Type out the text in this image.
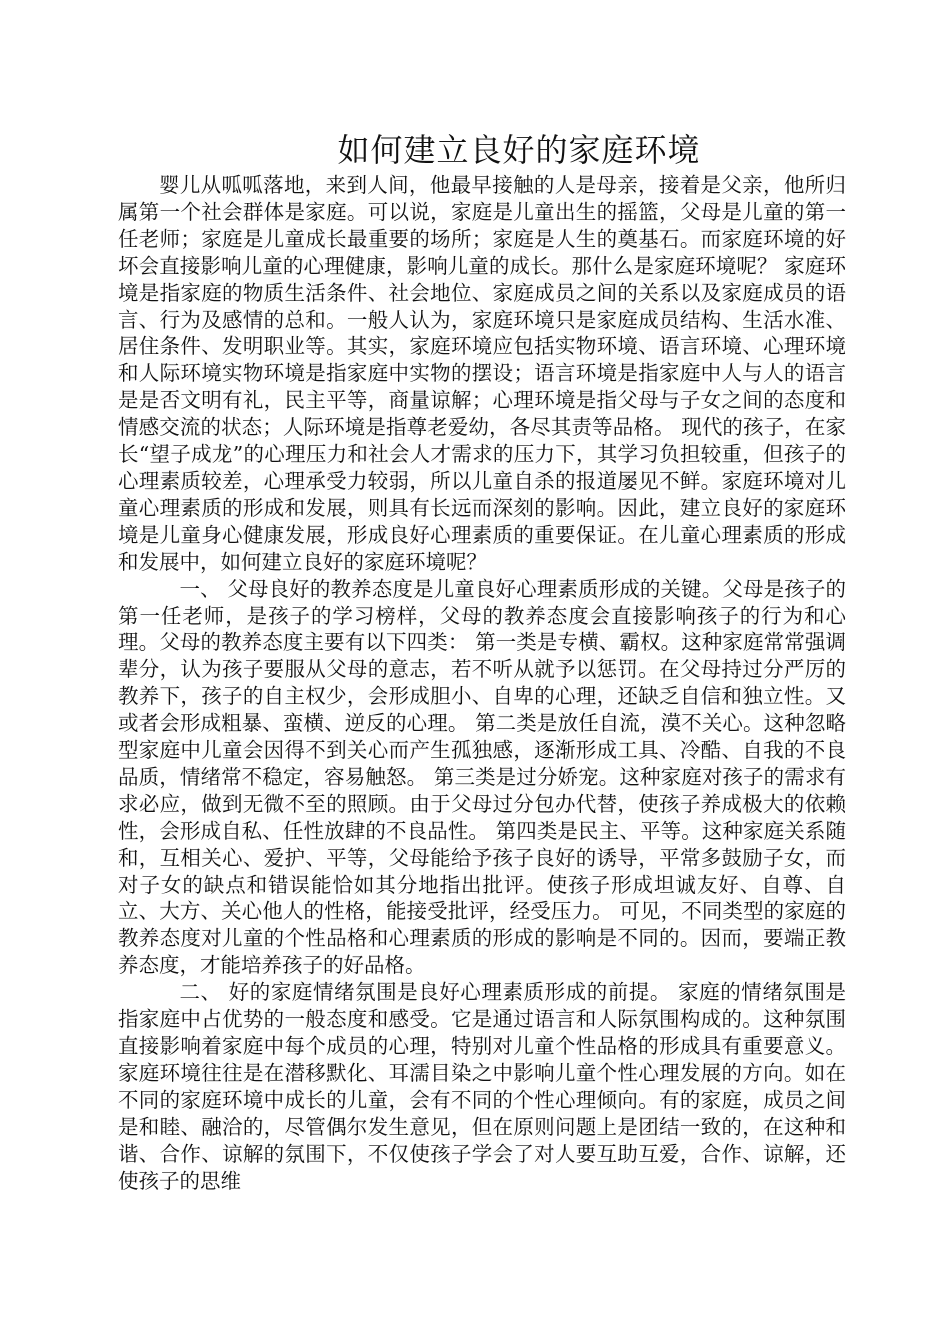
如何建立良好的家庭环境

婴儿从呱呱落地，来到人间，他最早接触的人是母亲，接着是父亲，他所归属第一个社会群体是家庭。可以说，家庭是儿童出生的摇篮，父母是儿童的第一任老师；家庭是儿童成长最重要的场所；家庭是人生的奠基石。而家庭环境的好坏会直接影响儿童的心理健康，影响儿童的成长。那什么是家庭环境呢？ 家庭环境是指家庭的物质生活条件、社会地位、家庭成员之间的关系以及家庭成员的语言、行为及感情的总和。一般人认为，家庭环境只是家庭成员结构、生活水准、居住条件、发明职业等。其实，家庭环境应包括实物环境、语言环境、心理环境和人际环境实物环境是指家庭中实物的摆设；语言环境是指家庭中人与人的语言是是否文明有礼，民主平等，商量谅解；心理环境是指父母与子女之间的态度和情感交流的状态；人际环境是指尊老爱幼，各尽其责等品格。 现代的孩子，在家长“望子成龙”的心理压力和社会人才需求的压力下，其学习负担较重，但孩子的心理素质较差，心理承受力较弱，所以儿童自杀的报道屡见不鲜。家庭环境对儿童心理素质的形成和发展，则具有长远而深刻的影响。因此，建立良好的家庭环境是儿童身心健康发展，形成良好心理素质的重要保证。在儿童心理素质的形成和发展中，如何建立良好的家庭环境呢？

一、 父母良好的教养态度是儿童良好心理素质形成的关键。父母是孩子的第一任老师，是孩子的学习榜样，父母的教养态度会直接影响孩子的行为和心理。父母的教养态度主要有以下四类： 第一类是专横、霸权。这种家庭常常强调辈分，认为孩子要服从父母的意志，若不听从就予以惩罚。在父母持过分严厉的教养下，孩子的自主权少，会形成胆小、自卑的心理，还缺乏自信和独立性。又或者会形成粗暴、蛮横、逆反的心理。 第二类是放任自流，漠不关心。这种忽略型家庭中儿童会因得不到关心而产生孤独感，逐渐形成工具、冷酷、自我的不良品质，情绪常不稳定，容易触怒。 第三类是过分娇宠。这种家庭对孩子的需求有求必应，做到无微不至的照顾。由于父母过分包办代替，使孩子养成极大的依赖性，会形成自私、任性放肆的不良品性。 第四类是民主、平等。这种家庭关系随和，互相关心、爱护、平等，父母能给予孩子良好的诱导，平常多鼓励子女，而对子女的缺点和错误能恰如其分地指出批评。使孩子形成坦诚友好、自尊、自立、大方、关心他人的性格，能接受批评，经受压力。 可见，不同类型的家庭的教养态度对儿童的个性品格和心理素质的形成的影响是不同的。因而，要端正教养态度，才能培养孩子的好品格。

二、 好的家庭情绪氛围是良好心理素质形成的前提。 家庭的情绪氛围是指家庭中占优势的一般态度和感受。它是通过语言和人际氛围构成的。这种氛围直接影响着家庭中每个成员的心理，特别对儿童个性品格的形成具有重要意义。家庭环境往往是在潜移默化、耳濡目染之中影响儿童个性心理发展的方向。如在不同的家庭环境中成长的儿童，会有不同的个性心理倾向。有的家庭，成员之间是和睦、融洽的，尽管偶尔发生意见，但在原则问题上是团结一致的，在这种和谐、合作、谅解的氛围下，不仅使孩子学会了对人要互助互爱，合作、谅解，还使孩子的思维
